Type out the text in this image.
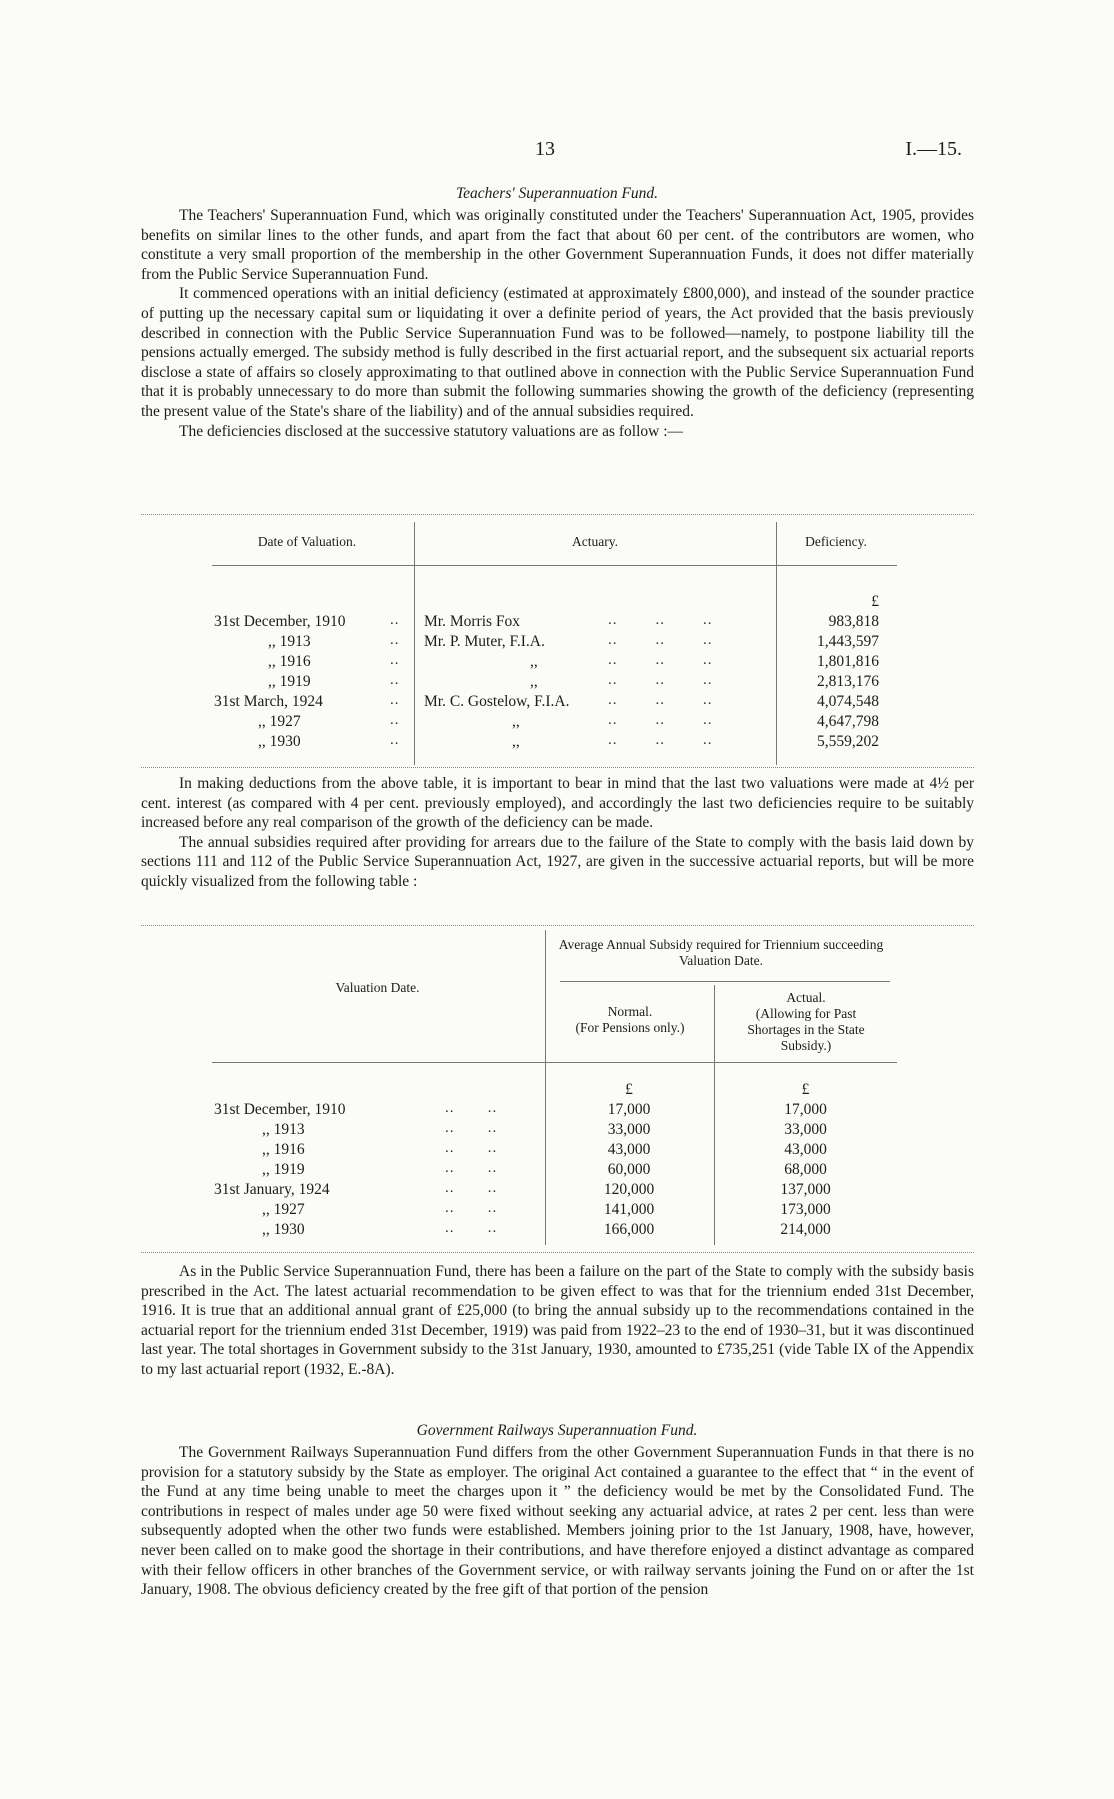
13	I.—15.
Teachers' Superannuation Fund.

The Teachers' Superannuation Fund, which was originally constituted under the Teachers' Superannuation Act, 1905, provides benefits on similar lines to the other funds, and apart from the fact that about 60 per cent. of the contributors are women, who constitute a very small proportion of the membership in the other Government Superannuation Funds, it does not differ materially from the Public Service Superannuation Fund.

It commenced operations with an initial deficiency (estimated at approximately £800,000), and instead of the sounder practice of putting up the necessary capital sum or liquidating it over a definite period of years, the Act provided that the basis previously described in connection with the Public Service Superannuation Fund was to be followed—namely, to postpone liability till the pensions actually emerged. The subsidy method is fully described in the first actuarial report, and the subsequent six actuarial reports disclose a state of affairs so closely approximating to that outlined above in connection with the Public Service Superannuation Fund that it is probably unnecessary to do more than submit the following summaries showing the growth of the deficiency (representing the present value of the State's share of the liability) and of the annual subsidies required.

The deficiencies disclosed at the successive statutory valuations are as follow :—

Date of Valuation.	Actuary.	Deficiency.
£
31st December, 1910	Mr. Morris Fox	983,818
,, 1913	Mr. P. Muter, F.I.A.	1,443,597
,, 1916	,,	1,801,816
,, 1919	,,	2,813,176
31st March, 1924	Mr. C. Gostelow, F.I.A.	4,074,548
,, 1927	,,	4,647,798
,, 1930	,,	5,559,202
..
..
..
..
..
..
..
..        ..        ..
..        ..        ..
..        ..        ..
..        ..        ..
..        ..        ..
..        ..        ..
..        ..        ..

In making deductions from the above table, it is important to bear in mind that the last two valuations were made at 4½ per cent. interest (as compared with 4 per cent. previously employed), and accordingly the last two deficiencies require to be suitably increased before any real comparison of the growth of the deficiency can be made.

The annual subsidies required after providing for arrears due to the failure of the State to comply with the basis laid down by sections 111 and 112 of the Public Service Superannuation Act, 1927, are given in the successive actuarial reports, but will be more quickly visualized from the following table :

Average Annual Subsidy required for Triennium succeeding Valuation Date.
Valuation Date.
Normal.
(For Pensions only.)
Actual.
(Allowing for Past
Shortages in the State
Subsidy.)
£	£
31st December, 1910	17,000	17,000
,, 1913	33,000	33,000
,, 1916	43,000	43,000
,, 1919	60,000	68,000
31st January, 1924	120,000	137,000
,, 1927	141,000	173,000
,, 1930	166,000	214,000
..       ..
..       ..
..       ..
..       ..
..       ..
..       ..
..       ..

As in the Public Service Superannuation Fund, there has been a failure on the part of the State to comply with the subsidy basis prescribed in the Act. The latest actuarial recommendation to be given effect to was that for the triennium ended 31st December, 1916. It is true that an additional annual grant of £25,000 (to bring the annual subsidy up to the recommendations contained in the actuarial report for the triennium ended 31st December, 1919) was paid from 1922–23 to the end of 1930–31, but it was discontinued last year. The total shortages in Government subsidy to the 31st January, 1930, amounted to £735,251 (vide Table IX of the Appendix to my last actuarial report (1932, E.-8A).

Government Railways Superannuation Fund.

The Government Railways Superannuation Fund differs from the other Government Superannuation Funds in that there is no provision for a statutory subsidy by the State as employer. The original Act contained a guarantee to the effect that “ in the event of the Fund at any time being unable to meet the charges upon it ” the deficiency would be met by the Consolidated Fund. The contributions in respect of males under age 50 were fixed without seeking any actuarial advice, at rates 2 per cent. less than were subsequently adopted when the other two funds were established. Members joining prior to the 1st January, 1908, have, however, never been called on to make good the shortage in their contributions, and have therefore enjoyed a distinct advantage as compared with their fellow officers in other branches of the Government service, or with railway servants joining the Fund on or after the 1st January, 1908. The obvious deficiency created by the free gift of that portion of the pension
